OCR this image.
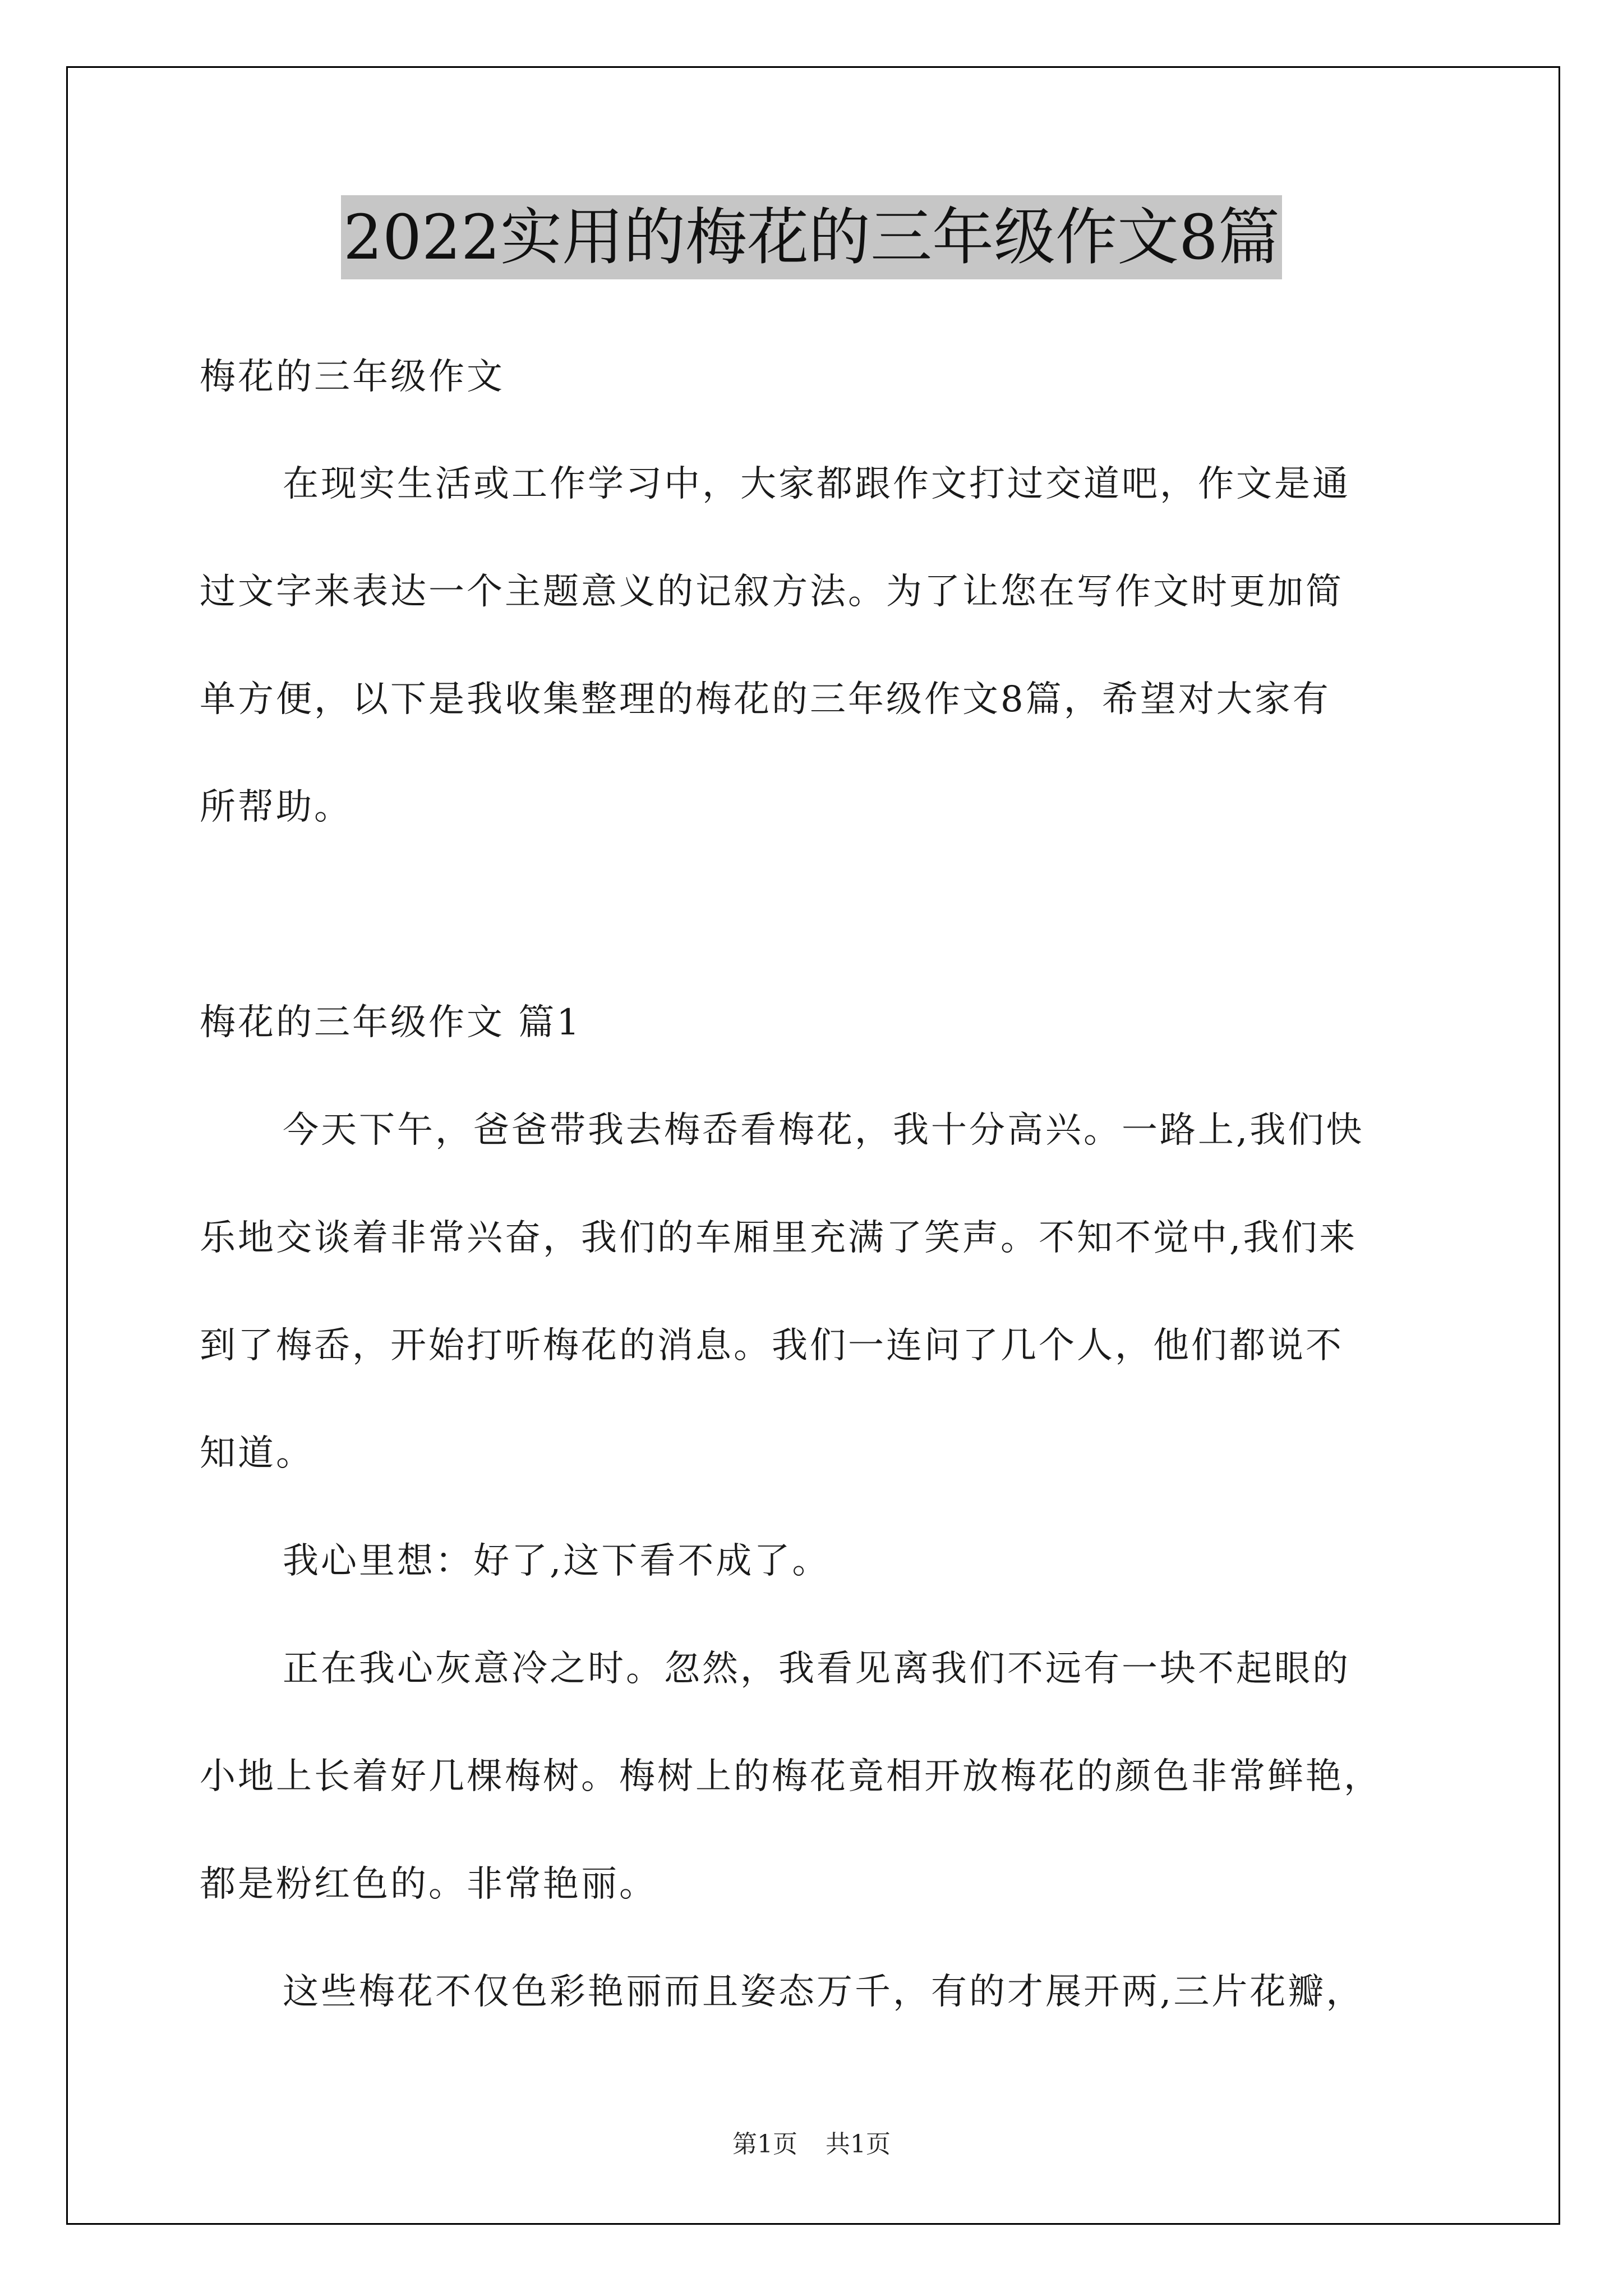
2022实用的梅花的三年级作文8篇
梅花的三年级作文
在现实生活或工作学习中，大家都跟作文打过交道吧，作文是通
过文字来表达一个主题意义的记叙方法。为了让您在写作文时更加简
单方便，以下是我收集整理的梅花的三年级作文8篇，希望对大家有
所帮助。
梅花的三年级作文 篇1
今天下午，爸爸带我去梅岙看梅花，我十分高兴。一路上,我们快
乐地交谈着非常兴奋，我们的车厢里充满了笑声。不知不觉中,我们来
到了梅岙，开始打听梅花的消息。我们一连问了几个人，他们都说不
知道。
我心里想：好了,这下看不成了。
正在我心灰意冷之时。忽然，我看见离我们不远有一块不起眼的
小地上长着好几棵梅树。梅树上的梅花竟相开放梅花的颜色非常鲜艳，
都是粉红色的。非常艳丽。
这些梅花不仅色彩艳丽而且姿态万千，有的才展开两,三片花瓣，
第1页 共1页
